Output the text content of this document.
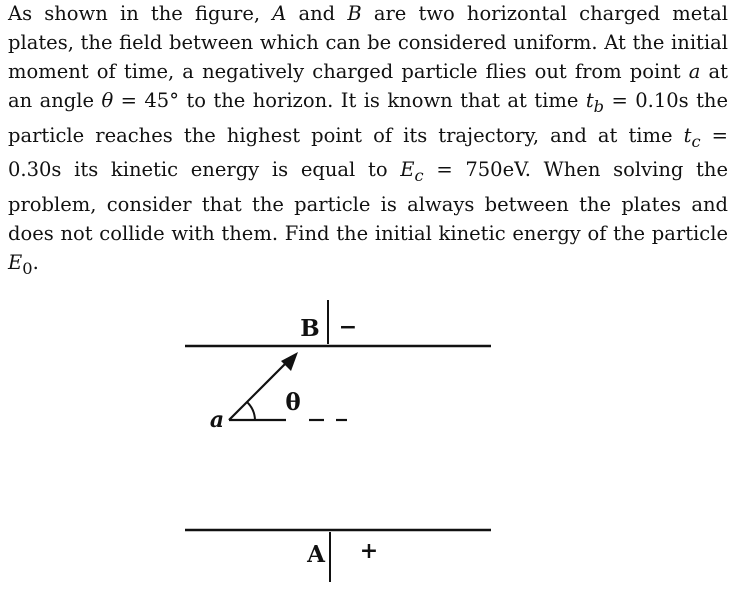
As shown in the figure, A and B are two horizontal charged metal plates, the field between which can be considered uniform. At the initial moment of time, a negatively charged particle flies out from point a at an angle θ = 45° to the horizon. It is known that at time $t_b = 0.10s$ the particle reaches the highest point of its trajectory, and at time $t_c = 0.30s$ its kinetic energy is equal to $E_c = 750eV$. When solving the problem, consider that the particle is always between the plates and does not collide with them. Find the initial kinetic energy of the particle $E_0$.

B −
a
θ
A +
